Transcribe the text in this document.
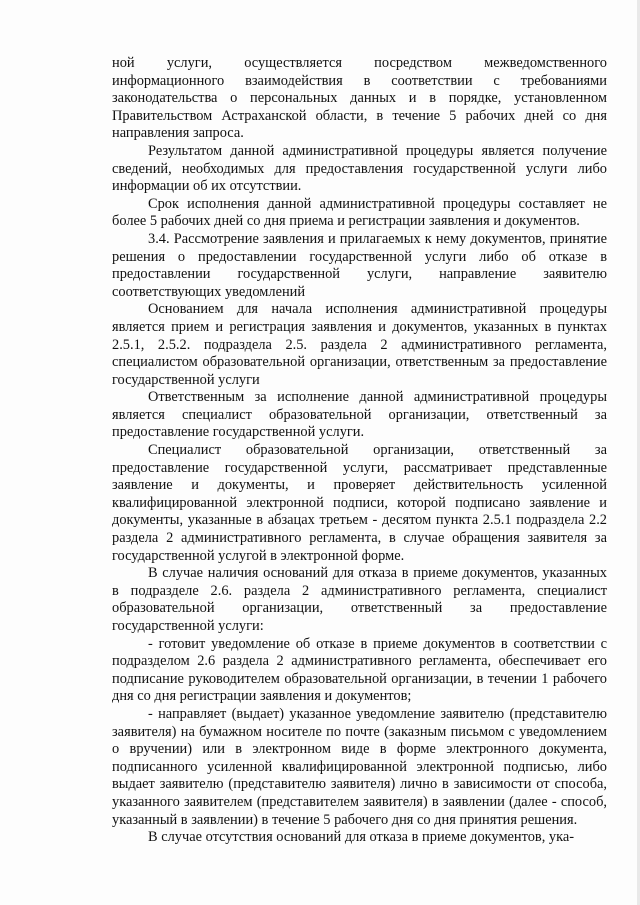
ной услуги, осуществляется посредством межведомственного информационного взаимодействия в соответствии с требованиями законодательства о персональных данных и в порядке, установленном Правительством Астраханской области, в течение 5 рабочих дней со дня направления запроса.

Результатом данной административной процедуры является получение сведений, необходимых для предоставления государственной услуги либо информации об их отсутствии.

Срок исполнения данной административной процедуры составляет не более 5 рабочих дней со дня приема и регистрации заявления и документов.

3.4. Рассмотрение заявления и прилагаемых к нему документов, принятие решения о предоставлении государственной услуги либо об отказе в предоставлении государственной услуги, направление заявителю соответствующих уведомлений

Основанием для начала исполнения административной процедуры является прием и регистрация заявления и документов, указанных в пунктах 2.5.1, 2.5.2. подраздела 2.5. раздела 2 административного регламента, специалистом образовательной организации, ответственным за предоставление государственной услуги

Ответственным за исполнение данной административной процедуры является специалист образовательной организации, ответственный за предоставление государственной услуги.

Специалист образовательной организации, ответственный за предоставление государственной услуги, рассматривает представленные заявление и документы, и проверяет действительность усиленной квалифицированной электронной подписи, которой подписано заявление и документы, указанные в абзацах третьем - десятом пункта 2.5.1 подраздела 2.2 раздела 2 административного регламента, в случае обращения заявителя за государственной услугой в электронной форме.

В случае наличия оснований для отказа в приеме документов, указанных в подразделе 2.6. раздела 2 административного регламента, специалист образовательной организации, ответственный за предоставление государственной услуги:

- готовит уведомление об отказе в приеме документов в соответствии с подразделом 2.6 раздела 2 административного регламента, обеспечивает его подписание руководителем образовательной организации, в течении 1 рабочего дня со дня регистрации заявления и документов;

- направляет (выдает) указанное уведомление заявителю (представителю заявителя) на бумажном носителе по почте (заказным письмом с уведомлением о вручении) или в электронном виде в форме электронного документа, подписанного усиленной квалифицированной электронной подписью, либо выдает заявителю (представителю заявителя) лично в зависимости от способа, указанного заявителем (представителем заявителя) в заявлении (далее - способ, указанный в заявлении) в течение 5 рабочего дня со дня принятия решения.

В случае отсутствия оснований для отказа в приеме документов, ука-
